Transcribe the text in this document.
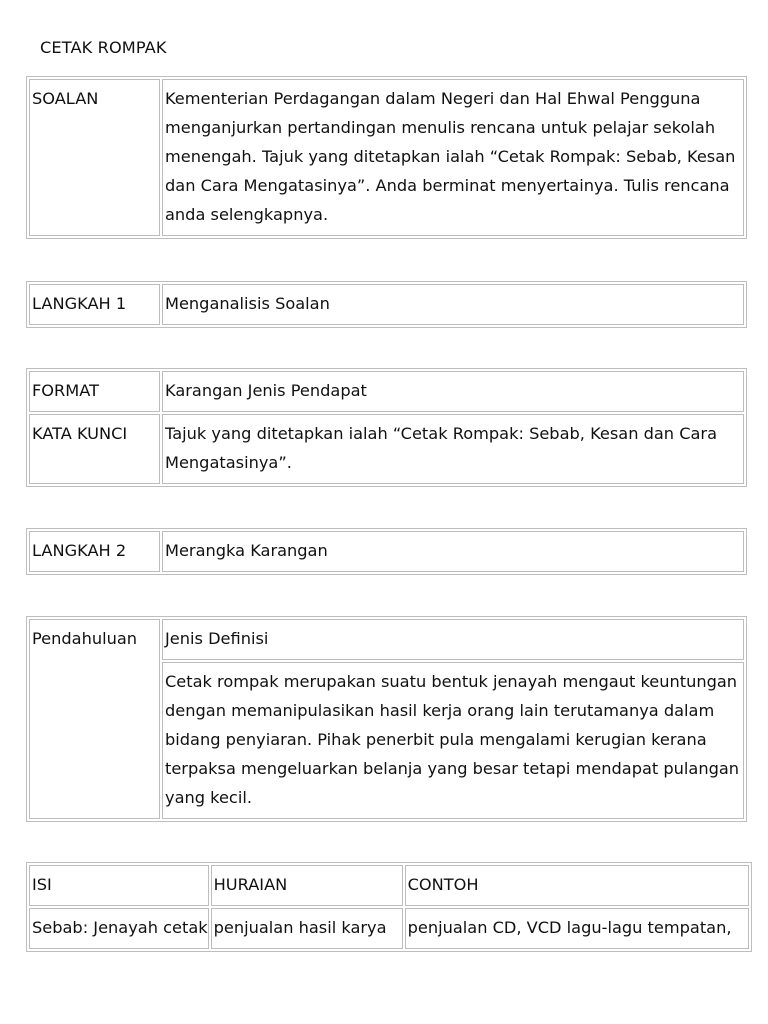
CETAK ROMPAK
SOALAN	Kementerian Perdagangan dalam Negeri dan Hal Ehwal Pengguna menganjurkan pertandingan menulis rencana untuk pelajar sekolah menengah. Tajuk yang ditetapkan ialah “Cetak Rompak: Sebab, Kesan dan Cara Mengatasinya”. Anda berminat menyertainya. Tulis rencana anda selengkapnya.
LANGKAH 1	Menganalisis Soalan
FORMAT	Karangan Jenis Pendapat
KATA KUNCI	Tajuk yang ditetapkan ialah “Cetak Rompak: Sebab, Kesan dan Cara Mengatasinya”.
LANGKAH 2	Merangka Karangan
Pendahuluan	Jenis Definisi
Cetak rompak merupakan suatu bentuk jenayah mengaut keuntungan dengan memanipulasikan hasil kerja orang lain terutamanya dalam bidang penyiaran. Pihak penerbit pula mengalami kerugian kerana terpaksa mengeluarkan belanja yang besar tetapi mendapat pulangan yang kecil.
ISI	HURAIAN	CONTOH
Sebab: Jenayah cetak	penjualan hasil karya	penjualan CD, VCD lagu-lagu tempatan,
